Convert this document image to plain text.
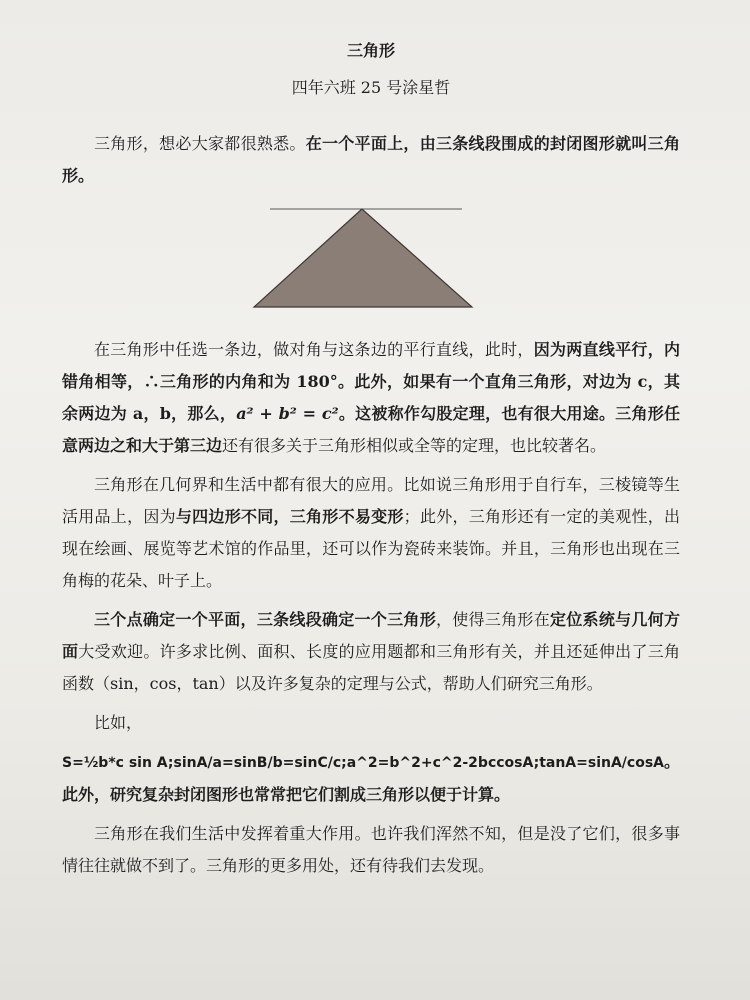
三角形
四年六班 25 号涂星哲

三角形，想必大家都很熟悉。在一个平面上，由三条线段围成的封闭图形就叫三角形。

在三角形中任选一条边，做对角与这条边的平行直线，此时，因为两直线平行，内错角相等，∴三角形的内角和为 180°。此外，如果有一个直角三角形，对边为 c，其余两边为 a，b，那么，a² + b² = c²。这被称作勾股定理，也有很大用途。三角形任意两边之和大于第三边还有很多关于三角形相似或全等的定理，也比较著名。

三角形在几何界和生活中都有很大的应用。比如说三角形用于自行车，三棱镜等生活用品上，因为与四边形不同，三角形不易变形；此外，三角形还有一定的美观性，出现在绘画、展览等艺术馆的作品里，还可以作为瓷砖来装饰。并且，三角形也出现在三角梅的花朵、叶子上。

三个点确定一个平面，三条线段确定一个三角形，使得三角形在定位系统与几何方面大受欢迎。许多求比例、面积、长度的应用题都和三角形有关，并且还延伸出了三角函数（sin，cos，tan）以及许多复杂的定理与公式，帮助人们研究三角形。

比如，

S=½b*c sin A;sinA/a=sinB/b=sinC/c;a^2=b^2+c^2-2bccosA;tanA=sinA/cosA。此外，研究复杂封闭图形也常常把它们割成三角形以便于计算。

三角形在我们生活中发挥着重大作用。也许我们浑然不知，但是没了它们，很多事情往往就做不到了。三角形的更多用处，还有待我们去发现。
